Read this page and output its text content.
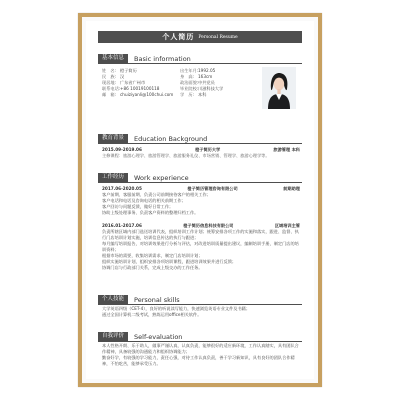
个人简历 Personal Resume
基本信息	Basic information
姓　名: 橙子简历
民　族: 汉
现居地: 广东省广州市
联系电话: +86 10019100118
邮　箱: chuiziyanli@100chui.com
出生年月: 1992.05
身　高: 163cm
政治面貌: 中共党员
毕业院校: 川滋科技大学
学　历: 本科
教育背景	Education Background
2015.09-2019.06	橙子简历大学	旅游管理 本科
主修课程：旅游心理学、旅游管理学、旅游服务礼仪、市场营销、管理学、旅游心理学等。
工作经历	Work experience
2017.06-2020.05	橙子简历管理咨询有限公司	前期助理
客户前期、客服前期、负责公司前期接待客户的相关工作；
客户电话和电话及咨询电话的相关前期工作；
客户回访与问题反馈，做好日常工作；
协助上级处理事务、负责客户资料的整理归档工作。
2016.01-2017.06	橙子简历信息科技有限公司	区域培训主管
负责所辖区域内部门选送培训代表，组织培训工作计划；统筹安排各项工作的实施和落实，跟进、监督、执行门店培训计划实施，培训信息传达的执行与跟进；
每月编写培训报告，对培训效果进行分析与评估，对改进培训质量提出建议，编制培训手册，制定门店的培训资料；
根据市场的需要，收集培训需求，制定门店培训计划；
组织实施培训计划，组织安排各项培训课程，跟进培训效果并进行反馈；
协调门店与行政部门关系，完成上级交办的工作任务。
个人技能	Personal skills
大学英语四级（CET-4），良好的听说读写能力，快速浏览英语专业文件及书籍；
通过全国计算机二级考试，熟练运用office相关软件。
自我评价	Self-evaluation
本人性格开朗、乐于助人，做事严谨认真，认真负责，能够很好的适应新环境，工作认真踏实，具有团队合作精神，具备较强的沟通能力和组织协调能力；
勤奋好学，有较强的学习能力，责任心强，对待工作认真负责，善于学习新知识，具有良好的团队合作精神，不怕吃苦，能够承受压力。
